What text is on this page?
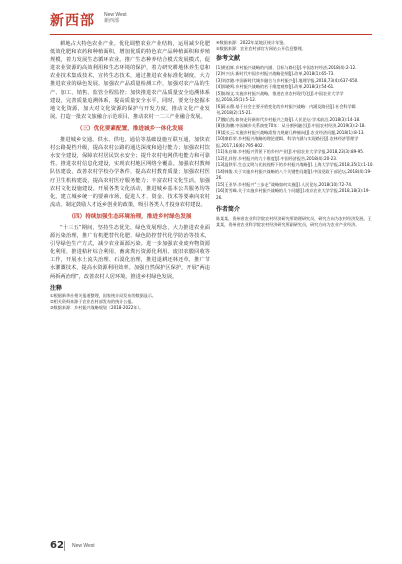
新西部 New West
新西部

耕地占大特色农业产业。优化调整农业产业结构，运用减少化肥低效化肥和农药和种植面积，增加优质的特色农产品种植面积和养殖规模，着力发展生态循环农业。推广生态种养结合模式发展模式，促进农业资源的高效利用和生态环境的保护，着力研究耕地休养生息和农业技术集成技术，宣传生态技术，通过推进农业标准化制度，大力推进农业的绿色发展。加强农产品质量检测工作，加强对农产品的生产、加工、销售、监管全程监控；加快推进农产品质量安全追溯体系建设，完善质量追溯体系，提高质量安全水平。同时，要充分挖掘本地文化资源，加大对文化资源的保护与开发力度，推动文化产业发展。打造一批农文旅融合示范项目，推动农村一二三产业融合发展。

（三）优化要素配置，推进城乡一体化发展

推进城乡交通、供水、供电、通信等基础设施互联互通，加快农村公路提档升级，提高农村公路的通达深度和通行能力；加强农村饮水安全建设，保障农村居民饮水安全；提升农村电网供电能力和可靠性。推进农村信息化建设，实现农村地区网络全覆盖。加强农村教师队伍建设，改善农村学校办学条件，提高农村教育质量；加强农村医疗卫生机构建设，提高农村医疗服务能力；丰富农村文化生活，加强农村文化设施建设。开展各类文化活动，推进城乡基本公共服务均等化。建立城乡统一的要素市场，促进人才、资金、技术等要素向农村流动。制定鼓励人才返乡创业的政策，吸引各类人才投身农村建设。

（四）持续加强生态环境治理，推进乡村绿色发展

“十三五”期间，坚持生态优先、绿色发展理念，大力推进农业面源污染治理，推广有机肥替代化肥、绿色防控替代化学防治等技术，引导绿色生产方式，减少农业面源污染。进一步加强农业废弃物资源化利用，推进秸秆综合利用、畜禽粪污资源化利用、废旧农膜回收等工作，开展水土流失治理、石漠化治理，推进退耕还林还草，推广节水灌溉技术，提高水资源利用效率。加强自然保护区保护，开展“两违两拆两治理”，改善农村人居环境。推进乡村绿色发展。

注释

①根据新华社相关报道整理，国家统计局发布的数据显示。

②相关资料来源于农业农村部发布的统计公报。

③数据来源：乡村振兴战略规划（2018-2022年）。

④数据来源：2022年某地区统计年鉴。

⑤数据来源：农业农村部官方网站公开信息整理。

参考文献

[1]黄祖辉.乡村振兴战略的内涵、目标与路径[J].中国农村经济,2018(4):2-12.

[2]叶兴庆.新时代中国乡村振兴战略论纲[J].改革,2018(1):65-73.

[3]刘彦随.中国新时代城乡融合与乡村振兴[J].地理学报,2018,73(4):637-650.

[4]郭晓鸣.乡村振兴战略的若干维度观察[J].改革,2018(3):54-61.

[5]陈锡文.实施乡村振兴战略，推进农业农村现代化[J].中国农业大学学报,2018,35(1):5-12.

[6]蒋永穆.基于社会主要矛盾变化的乡村振兴战略：内涵及路径[J].社会科学辑刊,2018(2):15-21.

[7]魏后凯.如何走好新时代乡村振兴之路[J].人民论坛·学术前沿,2018(3):14-18.

[8]张海鹏.中国城乡关系演变70年：从分割到融合[J].中国农村经济,2019(3):2-18.

[9]姜长云.实施乡村振兴战略需努力规避几种倾向[J].农业经济问题,2018(1):8-13.

[10]廖彩荣.乡村振兴战略的理论逻辑、科学内涵与实现路径[J].农林经济管理学报,2017,16(6):795-802.

[11]朱启臻.乡村振兴背景下的乡村产业[J].中国农业大学学报,2018,23(3):89-95.

[12]孔祥智.乡村振兴的九个维度[J].中国经济报告,2018(4):20-23.

[13]温铁军.生态文明与比较视野下的乡村振兴战略[J].上海大学学报,2018,35(1):1-10.

[14]韩俊.关于实施乡村振兴战略的八个关键性问题[J].中国党政干部论坛,2018(4):19-26.

[15]王亚华.乡村振兴“三步走”战略如何实施[J].人民论坛,2018(10):72-74.

[16]贺雪峰.关于实施乡村振兴战略的几个问题[J].南京农业大学学报,2018,18(3):19-26.

作者简介

陈某某，贵州省农业科学院农村经济研究所助理研究员，研究方向为农村经济发展。王某某，贵州省农业科学院农村经济研究所副研究员，研究方向为农业产业经济。

62 New West
